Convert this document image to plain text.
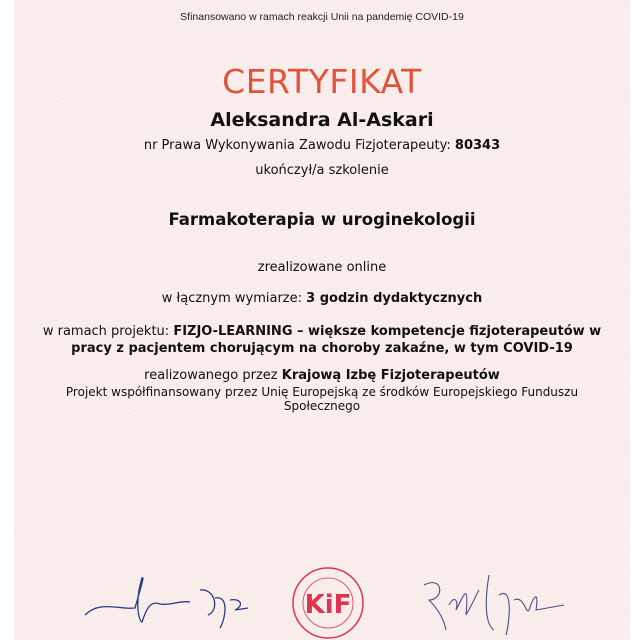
Sfinansowano w ramach reakcji Unii na pandemię COVID-19
CERTYFIKAT
Aleksandra Al-Askari
nr Prawa Wykonywania Zawodu Fizjoterapeuty: 80343
ukończył/a szkolenie
Farmakoterapia w uroginekologii
zrealizowane online
w łącznym wymiarze: 3 godzin dydaktycznych
w ramach projektu: FIZJO-LEARNING – większe kompetencje fizjoterapeutów w pracy z pacjentem chorującym na choroby zakaźne, w tym COVID-19
realizowanego przez Krajową Izbę Fizjoterapeutów
Projekt współfinansowany przez Unię Europejską ze środków Europejskiego Funduszu Społecznego
KiF
